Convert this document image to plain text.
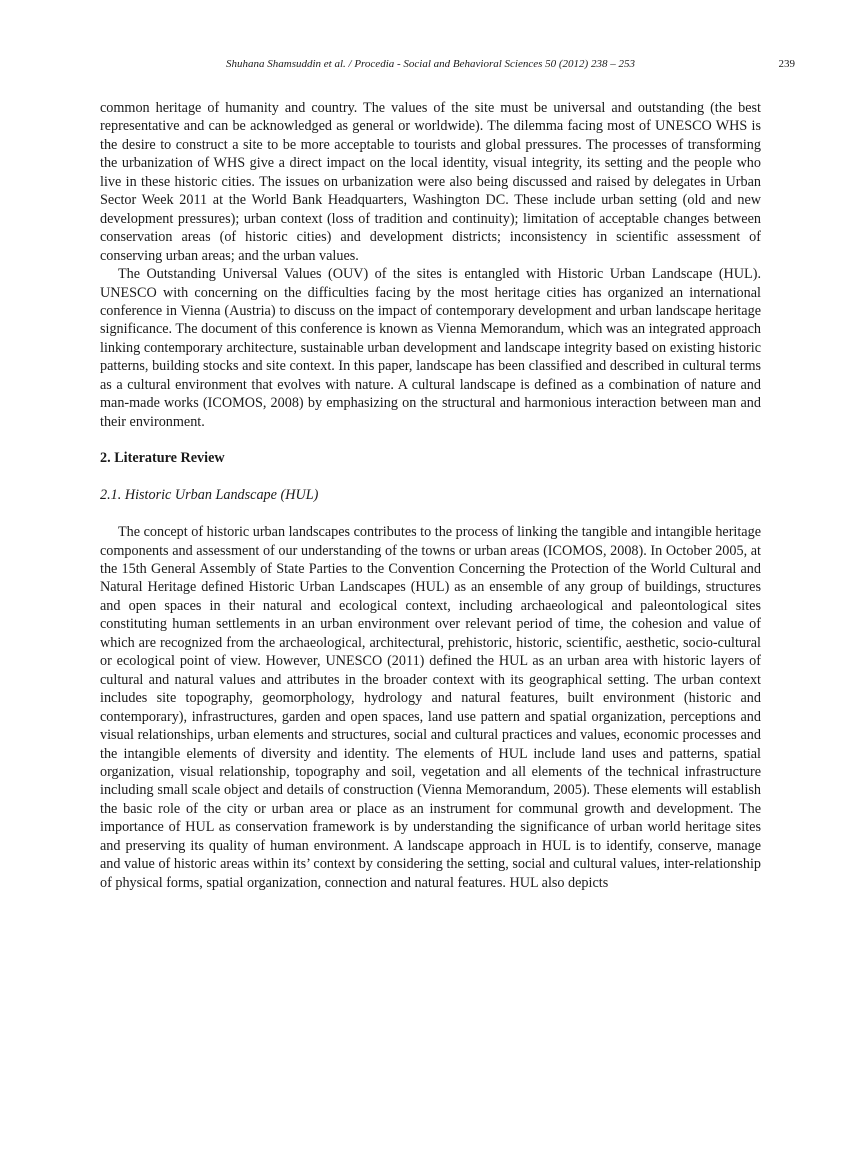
Shuhana Shamsuddin et al. / Procedia - Social and Behavioral Sciences 50 (2012) 238 – 253	239

common heritage of humanity and country. The values of the site must be universal and outstanding (the best representative and can be acknowledged as general or worldwide). The dilemma facing most of UNESCO WHS is the desire to construct a site to be more acceptable to tourists and global pressures. The processes of transforming the urbanization of WHS give a direct impact on the local identity, visual integrity, its setting and the people who live in these historic cities. The issues on urbanization were also being discussed and raised by delegates in Urban Sector Week 2011 at the World Bank Headquarters, Washington DC. These include urban setting (old and new development pressures); urban context (loss of tradition and continuity); limitation of acceptable changes between conservation areas (of historic cities) and development districts; inconsistency in scientific assessment of conserving urban areas; and the urban values.

The Outstanding Universal Values (OUV) of the sites is entangled with Historic Urban Landscape (HUL). UNESCO with concerning on the difficulties facing by the most heritage cities has organized an international conference in Vienna (Austria) to discuss on the impact of contemporary development and urban landscape heritage significance. The document of this conference is known as Vienna Memorandum, which was an integrated approach linking contemporary architecture, sustainable urban development and landscape integrity based on existing historic patterns, building stocks and site context. In this paper, landscape has been classified and described in cultural terms as a cultural environment that evolves with nature. A cultural landscape is defined as a combination of nature and man-made works (ICOMOS, 2008) by emphasizing on the structural and harmonious interaction between man and their environment.

2. Literature Review
2.1. Historic Urban Landscape (HUL)

The concept of historic urban landscapes contributes to the process of linking the tangible and intangible heritage components and assessment of our understanding of the towns or urban areas (ICOMOS, 2008). In October 2005, at the 15th General Assembly of State Parties to the Convention Concerning the Protection of the World Cultural and Natural Heritage defined Historic Urban Landscapes (HUL) as an ensemble of any group of buildings, structures and open spaces in their natural and ecological context, including archaeological and paleontological sites constituting human settlements in an urban environment over relevant period of time, the cohesion and value of which are recognized from the archaeological, architectural, prehistoric, historic, scientific, aesthetic, socio-cultural or ecological point of view. However, UNESCO (2011) defined the HUL as an urban area with historic layers of cultural and natural values and attributes in the broader context with its geographical setting. The urban context includes site topography, geomorphology, hydrology and natural features, built environment (historic and contemporary), infrastructures, garden and open spaces, land use pattern and spatial organization, perceptions and visual relationships, urban elements and structures, social and cultural practices and values, economic processes and the intangible elements of diversity and identity. The elements of HUL include land uses and patterns, spatial organization, visual relationship, topography and soil, vegetation and all elements of the technical infrastructure including small scale object and details of construction (Vienna Memorandum, 2005). These elements will establish the basic role of the city or urban area or place as an instrument for communal growth and development. The importance of HUL as conservation framework is by understanding the significance of urban world heritage sites and preserving its quality of human environment. A landscape approach in HUL is to identify, conserve, manage and value of historic areas within its’ context by considering the setting, social and cultural values, inter-relationship of physical forms, spatial organization, connection and natural features. HUL also depicts
